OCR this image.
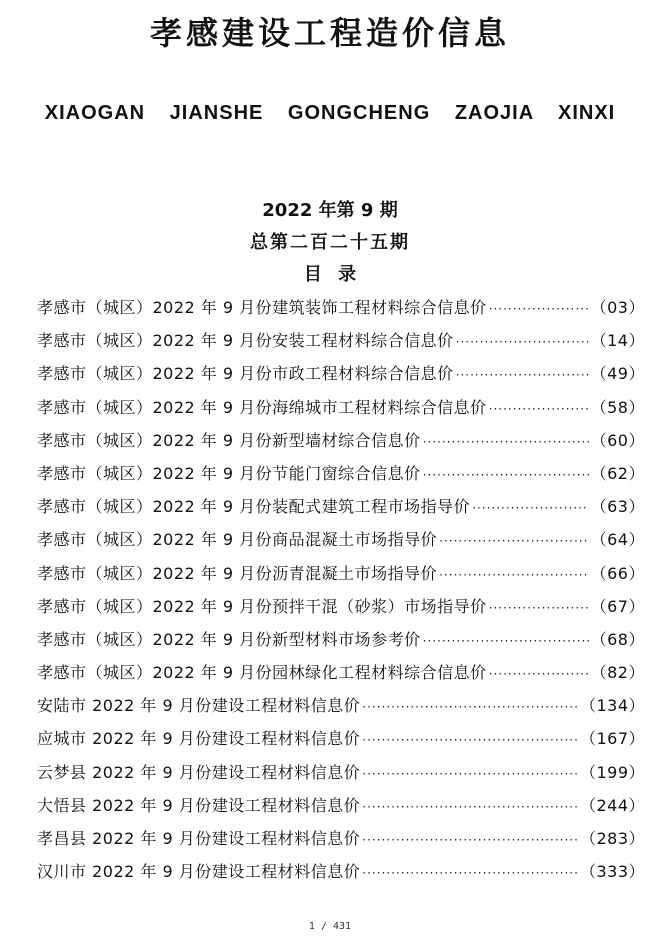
孝感建设工程造价信息
XIAOGAN JIANSHE GONGCHENG ZAOJIA XINXI
2022 年第 9 期
总第二百二十五期
目 录
孝感市（城区）2022 年 9 月份建筑装饰工程材料综合信息价 ·····	（03）
孝感市（城区）2022 年 9 月份安装工程材料综合信息价 ·····	（14）
孝感市（城区）2022 年 9 月份市政工程材料综合信息价 ·····	（49）
孝感市（城区）2022 年 9 月份海绵城市工程材料综合信息价 ·····	（58）
孝感市（城区）2022 年 9 月份新型墙材综合信息价 ·····	（60）
孝感市（城区）2022 年 9 月份节能门窗综合信息价 ·····	（62）
孝感市（城区）2022 年 9 月份装配式建筑工程市场指导价 ·····	（63）
孝感市（城区）2022 年 9 月份商品混凝土市场指导价 ·····	（64）
孝感市（城区）2022 年 9 月份沥青混凝土市场指导价 ·····	（66）
孝感市（城区）2022 年 9 月份预拌干混（砂浆）市场指导价 ·····	（67）
孝感市（城区）2022 年 9 月份新型材料市场参考价 ·····	（68）
孝感市（城区）2022 年 9 月份园林绿化工程材料综合信息价 ·····	（82）
安陆市 2022 年 9 月份建设工程材料信息价 ·····	（134）
应城市 2022 年 9 月份建设工程材料信息价 ·····	（167）
云梦县 2022 年 9 月份建设工程材料信息价 ·····	（199）
大悟县 2022 年 9 月份建设工程材料信息价 ·····	（244）
孝昌县 2022 年 9 月份建设工程材料信息价 ·····	（283）
汉川市 2022 年 9 月份建设工程材料信息价 ·····	（333）
1 / 431
